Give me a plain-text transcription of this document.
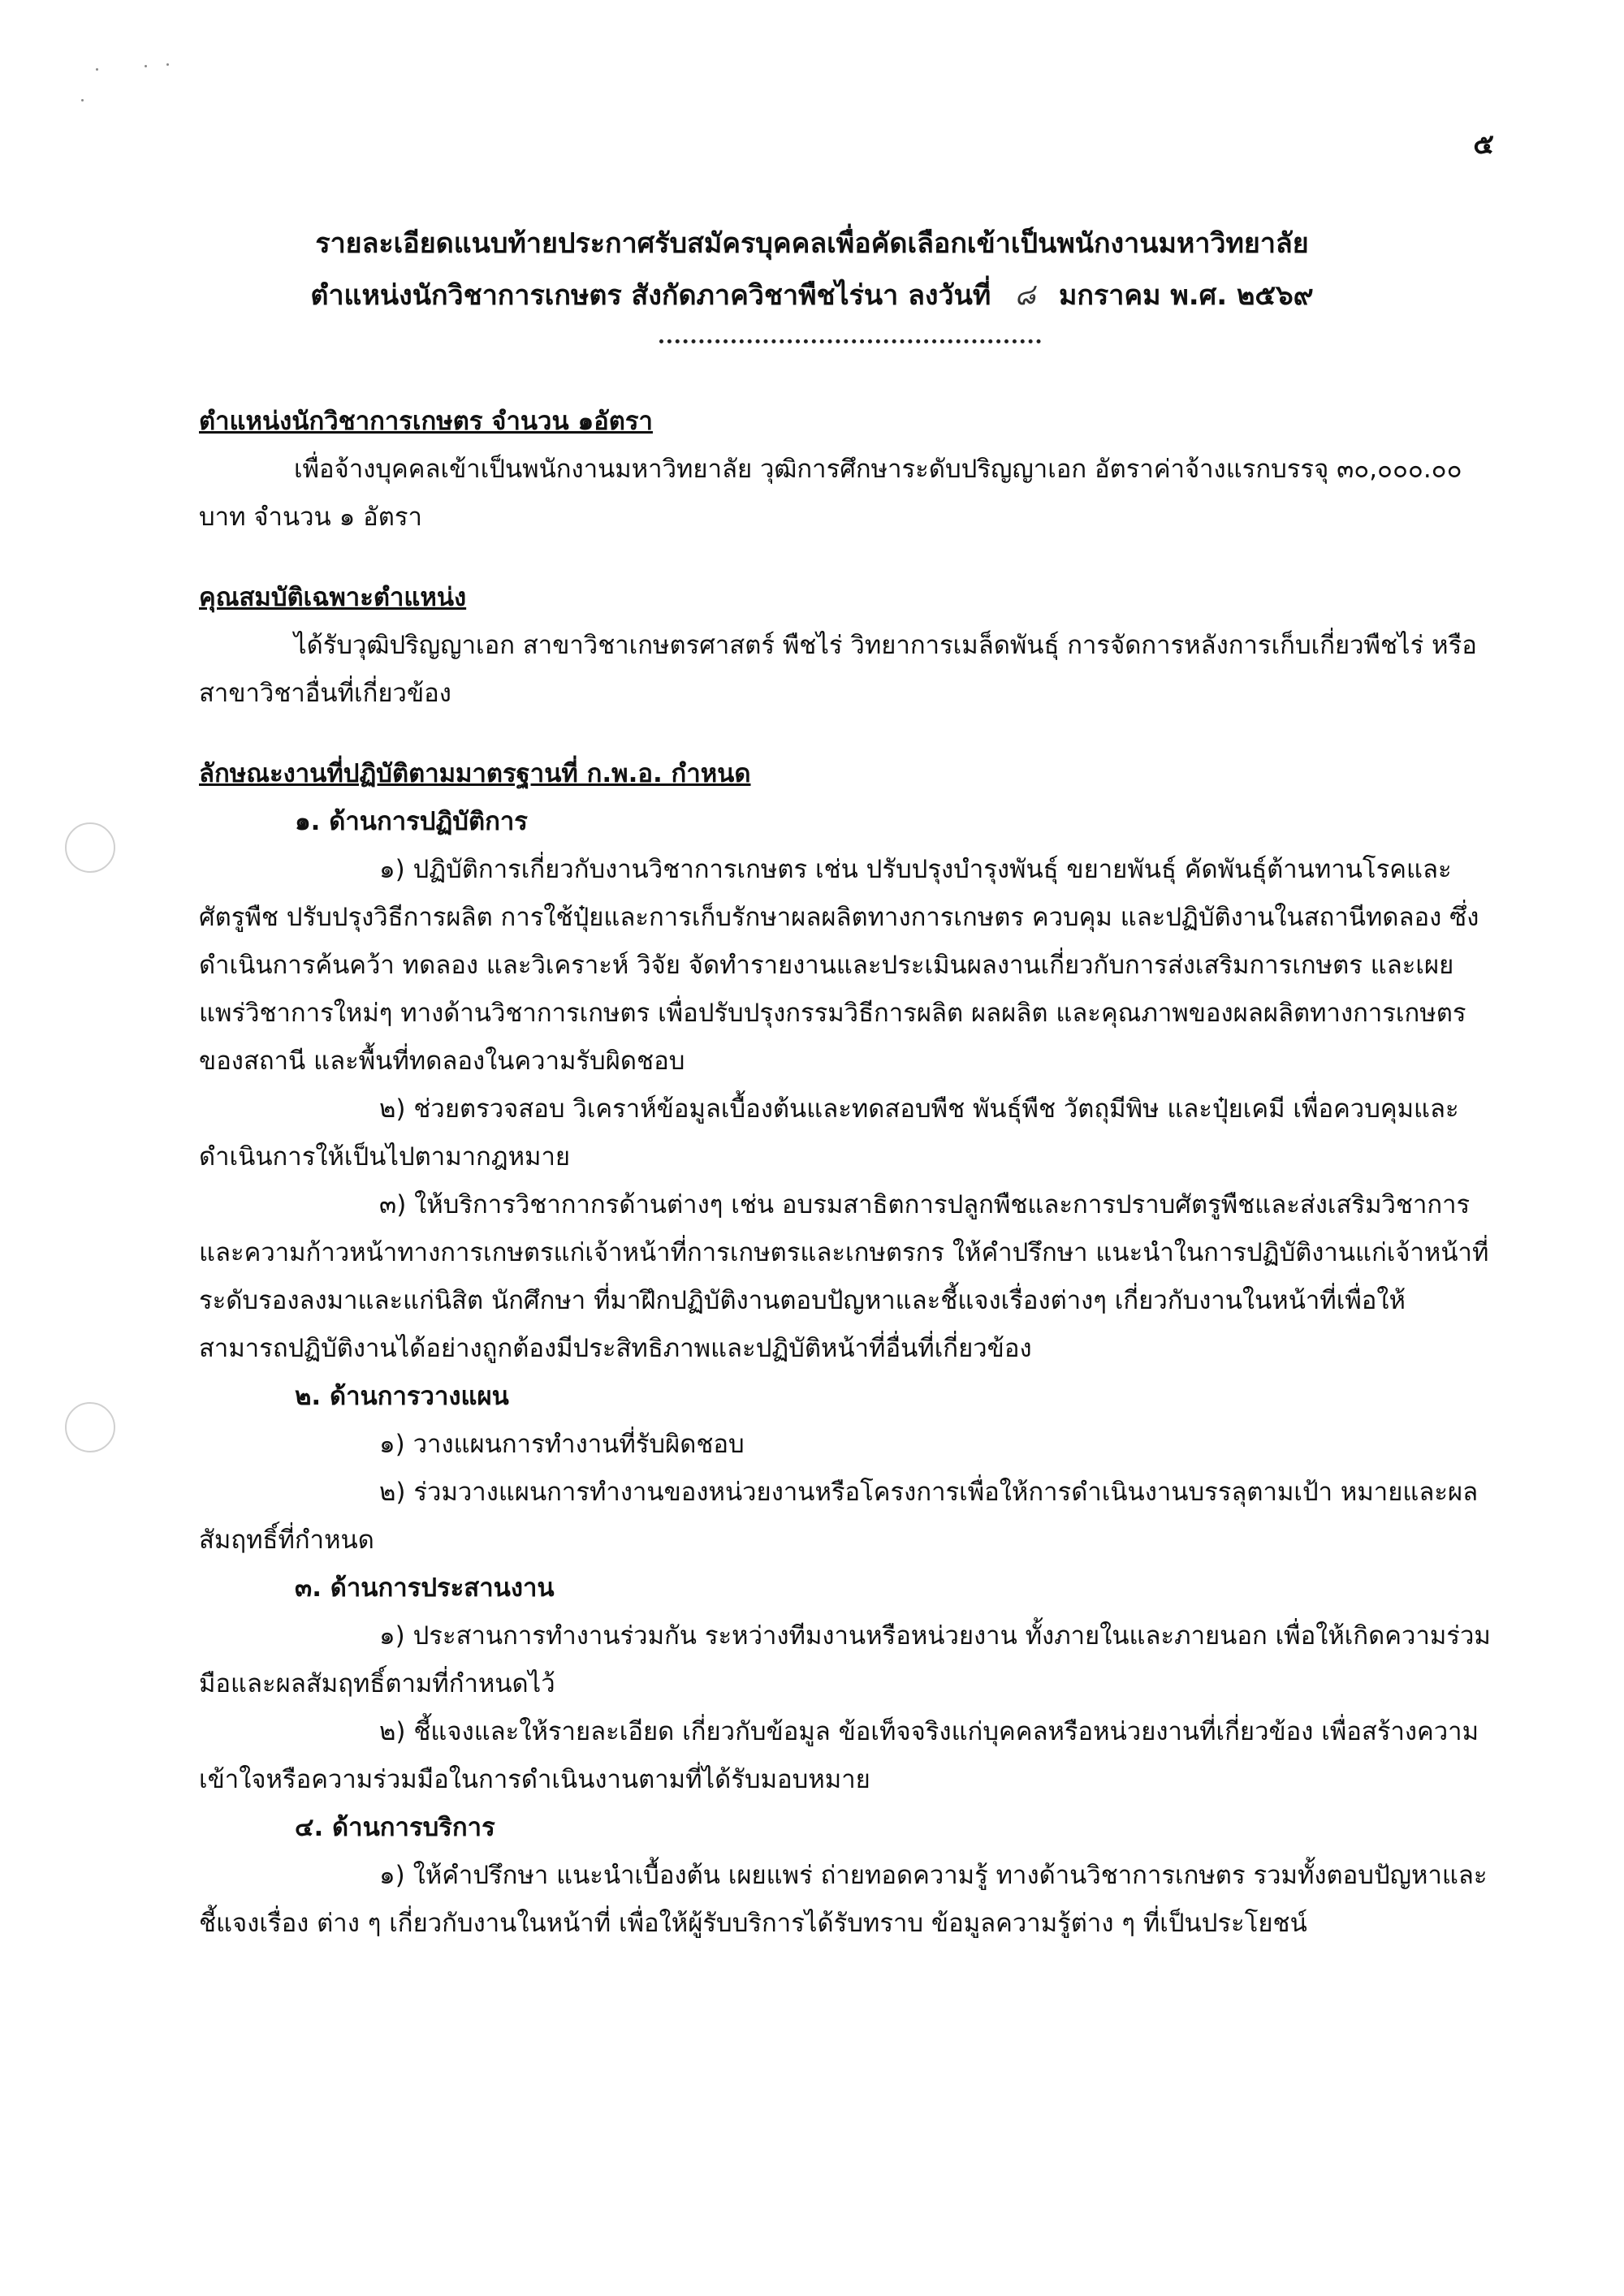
๕
รายละเอียดแนบท้ายประกาศรับสมัครบุคคลเพื่อคัดเลือกเข้าเป็นพนักงานมหาวิทยาลัย
ตำแหน่งนักวิชาการเกษตร สังกัดภาควิชาพืชไร่นา ลงวันที่ ๘ มกราคม พ.ศ. ๒๕๖๙
ตำแหน่งนักวิชาการเกษตร จำนวน ๑อัตรา

เพื่อจ้างบุคคลเข้าเป็นพนักงานมหาวิทยาลัย วุฒิการศึกษาระดับปริญญาเอก อัตราค่าจ้างแรกบรรจุ ๓๐,๐๐๐.๐๐ บาท จำนวน ๑ อัตรา

คุณสมบัติเฉพาะตำแหน่ง

ได้รับวุฒิปริญญาเอก สาขาวิชาเกษตรศาสตร์ พืชไร่ วิทยาการเมล็ดพันธุ์ การจัดการหลังการเก็บเกี่ยวพืชไร่ หรือสาขาวิชาอื่นที่เกี่ยวข้อง

ลักษณะงานที่ปฏิบัติตามมาตรฐานที่ ก.พ.อ. กำหนด
๑. ด้านการปฏิบัติการ

๑) ปฏิบัติการเกี่ยวกับงานวิชาการเกษตร เช่น ปรับปรุงบำรุงพันธุ์ ขยายพันธุ์ คัดพันธุ์ต้านทานโรคและศัตรูพืช ปรับปรุงวิธีการผลิต การใช้ปุ๋ยและการเก็บรักษาผลผลิตทางการเกษตร ควบคุม และปฏิบัติงานในสถานีทดลอง ซึ่งดำเนินการค้นคว้า ทดลอง และวิเคราะห์ วิจัย จัดทำรายงานและประเมินผลงานเกี่ยวกับการส่งเสริมการเกษตร และเผยแพร่วิชาการใหม่ๆ ทางด้านวิชาการเกษตร เพื่อปรับปรุงกรรมวิธีการผลิต ผลผลิต และคุณภาพของผลผลิตทางการเกษตรของสถานี และพื้นที่ทดลองในความรับผิดชอบ

๒) ช่วยตรวจสอบ วิเคราห์ข้อมูลเบื้องต้นและทดสอบพืช พันธุ์พืช วัตถุมีพิษ และปุ๋ยเคมี เพื่อควบคุมและดำเนินการให้เป็นไปตามากฎหมาย

๓) ให้บริการวิชากากรด้านต่างๆ เช่น อบรมสาธิตการปลูกพืชและการปราบศัตรูพืชและส่งเสริมวิชาการและความก้าวหน้าทางการเกษตรแก่เจ้าหน้าที่การเกษตรและเกษตรกร ให้คำปรึกษา แนะนำในการปฏิบัติงานแก่เจ้าหน้าที่ระดับรองลงมาและแก่นิสิต นักศึกษา ที่มาฝึกปฏิบัติงานตอบปัญหาและชี้แจงเรื่องต่างๆ เกี่ยวกับงานในหน้าที่เพื่อให้สามารถปฏิบัติงานได้อย่างถูกต้องมีประสิทธิภาพและปฏิบัติหน้าที่อื่นที่เกี่ยวข้อง

๒. ด้านการวางแผน

๑) วางแผนการทำงานที่รับผิดชอบ

๒) ร่วมวางแผนการทำงานของหน่วยงานหรือโครงการเพื่อให้การดำเนินงานบรรลุตามเป้า หมายและผลสัมฤทธิ์ที่กำหนด

๓. ด้านการประสานงาน

๑) ประสานการทำงานร่วมกัน ระหว่างทีมงานหรือหน่วยงาน ทั้งภายในและภายนอก เพื่อให้เกิดความร่วมมือและผลสัมฤทธิ์ตามที่กำหนดไว้

๒) ชี้แจงและให้รายละเอียด เกี่ยวกับข้อมูล ข้อเท็จจริงแก่บุคคลหรือหน่วยงานที่เกี่ยวข้อง เพื่อสร้างความ เข้าใจหรือความร่วมมือในการดำเนินงานตามที่ได้รับมอบหมาย

๔. ด้านการบริการ

๑) ให้คำปรึกษา แนะนำเบื้องต้น เผยแพร่ ถ่ายทอดความรู้ ทางด้านวิชาการเกษตร รวมทั้งตอบปัญหาและชี้แจงเรื่อง ต่าง ๆ เกี่ยวกับงานในหน้าที่ เพื่อให้ผู้รับบริการได้รับทราบ ข้อมูลความรู้ต่าง ๆ ที่เป็นประโยชน์
